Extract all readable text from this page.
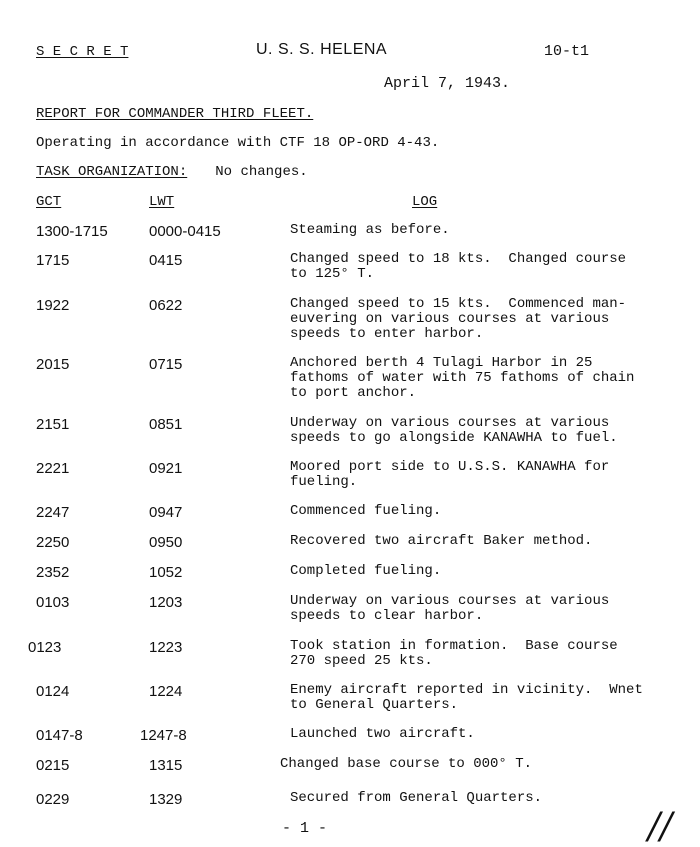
S E C R E T	U. S. S. HELENA	10-t1
April 7, 1943.
REPORT FOR COMMANDER THIRD FLEET.
Operating in accordance with CTF 18 OP-ORD 4-43.
TASK ORGANIZATION: No changes.
GCT	LWT	LOG
1300-1715	0000-0415	Steaming as before.
1715	0415	Changed speed to 18 kts.  Changed course
to 125° T.
1922	0622	Changed speed to 15 kts.  Commenced man-
euvering on various courses at various
speeds to enter harbor.
2015	0715	Anchored berth 4 Tulagi Harbor in 25
fathoms of water with 75 fathoms of chain
to port anchor.
2151	0851	Underway on various courses at various
speeds to go alongside KANAWHA to fuel.
2221	0921	Moored port side to U.S.S. KANAWHA for
fueling.
2247	0947	Commenced fueling.
2250	0950	Recovered two aircraft Baker method.
2352	1052	Completed fueling.
0103	1203	Underway on various courses at various
speeds to clear harbor.
0123	1223	Took station in formation.  Base course
270 speed 25 kts.
0124	1224	Enemy aircraft reported in vicinity.  Wnet
to General Quarters.
0147-8	1247-8	Launched two aircraft.
0215	1315	Changed base course to 000° T.
0229	1329	Secured from General Quarters.
- 1 -	//
